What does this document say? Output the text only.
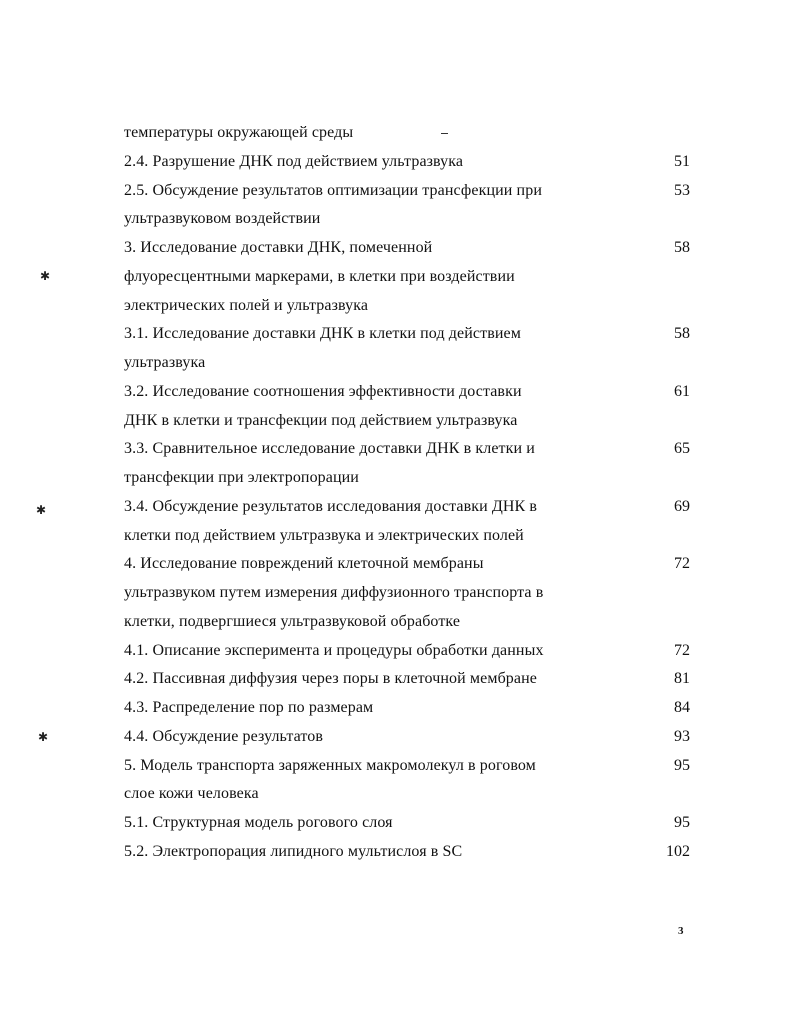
температуры окружающей среды
2.4. Разрушение ДНК под действием ультразвука	51
2.5. Обсуждение результатов оптимизации трансфекции при	53
ультразвуковом воздействии
3. Исследование доставки ДНК, помеченной	58
флуоресцентными маркерами, в клетки при воздействии
электрических полей и ультразвука
3.1. Исследование доставки ДНК в клетки под действием	58
ультразвука
3.2. Исследование соотношения эффективности доставки	61
ДНК в клетки и трансфекции под действием ультразвука
3.3. Сравнительное исследование доставки ДНК в клетки и	65
трансфекции при электропорации
3.4. Обсуждение результатов исследования доставки ДНК в	69
клетки под действием ультразвука и электрических полей
4. Исследование повреждений клеточной мембраны	72
ультразвуком путем измерения диффузионного транспорта в
клетки, подвергшиеся ультразвуковой обработке
4.1. Описание эксперимента и процедуры обработки данных	72
4.2. Пассивная диффузия через поры в клеточной мембране	81
4.3. Распределение пор по размерам	84
4.4. Обсуждение результатов	93
5. Модель транспорта заряженных макромолекул в роговом	95
слое кожи человека
5.1. Структурная модель рогового слоя	95
5.2. Электропорация липидного мультислоя в SC	102
✱
✱
✱
3
